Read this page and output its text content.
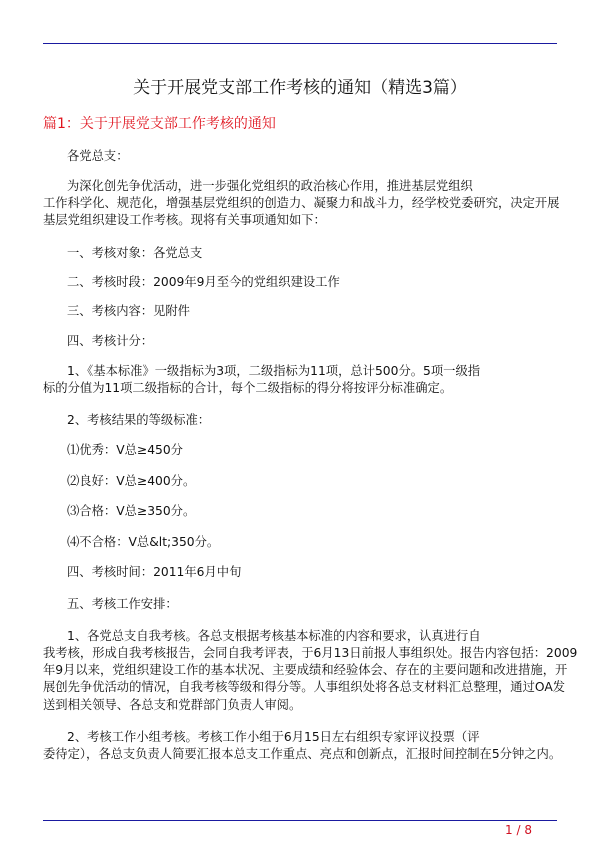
关于开展党支部工作考核的通知（精选3篇）
篇1：关于开展党支部工作考核的通知
各党总支：
为深化创先争优活动，进一步强化党组织的政治核心作用，推进基层党组织
工作科学化、规范化，增强基层党组织的创造力、凝聚力和战斗力，经学校党委研究，决定开展
基层党组织建设工作考核。现将有关事项通知如下：
一、考核对象：各党总支
二、考核时段：2009年9月至今的党组织建设工作
三、考核内容：见附件
四、考核计分：
1、《基本标准》一级指标为3项，二级指标为11项，总计500分。5项一级指
标的分值为11项二级指标的合计，每个二级指标的得分将按评分标准确定。
2、考核结果的等级标准：
⑴优秀：V总≥450分
⑵良好：V总≥400分。
⑶合格：V总≥350分。
⑷不合格：V总&lt;350分。
四、考核时间：2011年6月中旬
五、考核工作安排：
1、各党总支自我考核。各总支根据考核基本标准的内容和要求，认真进行自
我考核，形成自我考核报告，会同自我考评表，于6月13日前报人事组织处。报告内容包括：2009
年9月以来，党组织建设工作的基本状况、主要成绩和经验体会、存在的主要问题和改进措施，开
展创先争优活动的情况，自我考核等级和得分等。人事组织处将各总支材料汇总整理，通过OA发
送到相关领导、各总支和党群部门负责人审阅。
2、考核工作小组考核。考核工作小组于6月15日左右组织专家评议投票（评
委待定），各总支负责人简要汇报本总支工作重点、亮点和创新点，汇报时间控制在5分钟之内。
1 / 8
